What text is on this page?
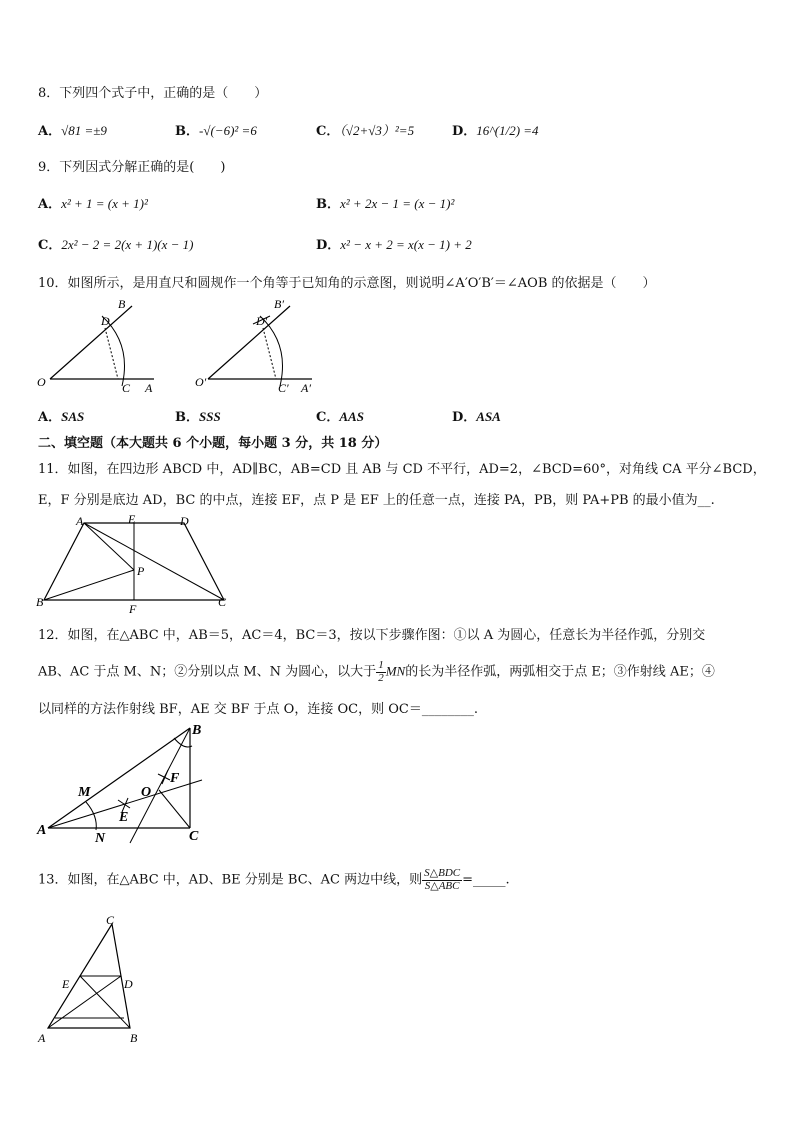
8．下列四个式子中，正确的是（　　）
A．√81 =±9	B．-√(−6)² =6	C．（√2+√3）²=5	D．16^(1/2) =4
9．下列因式分解正确的是(　　)
A．x² + 1 = (x + 1)²	B．x² + 2x − 1 = (x − 1)²
C．2x² − 2 = 2(x + 1)(x − 1)	D．x² − x + 2 = x(x − 1) + 2
10．如图所示，是用直尺和圆规作一个角等于已知角的示意图，则说明∠A′O′B′＝∠AOB 的依据是（　　）
B
D
O	C A
B′
D′
O′	C′ A′
A．SAS	B．SSS	C．AAS	D．ASA
二、填空题（本大题共 6 个小题，每小题 3 分，共 18 分）
11．如图，在四边形 ABCD 中，AD∥BC，AB=CD 且 AB 与 CD 不平行，AD=2，∠BCD=60°，对角线 CA 平分∠BCD，
E，F 分别是底边 AD，BC 的中点，连接 EF，点 P 是 EF 上的任意一点，连接 PA，PB，则 PA+PB 的最小值为__.
A	E	D
P
B	F	C
12．如图，在△ABC 中，AB＝5，AC＝4，BC＝3，按以下步骤作图：①以 A 为圆心，任意长为半径作弧，分别交
AB、AC 于点 M、N；②分别以点 M、N 为圆心，以大于 $\frac{1}{2}$ MN的长为半径作弧，两弧相交于点 E；③作射线 AE；④
以同样的方法作射线 BF，AE 交 BF 于点 O，连接 OC，则 OC＝________.
B
M	O
F
E
A
N	C
13．如图，在△ABC 中，AD、BE 分别是 BC、AC 两边中线，则 $\frac{\text{S△BDC}}{\text{S△ABC}}$ =_____.
C
E	D
A	B
